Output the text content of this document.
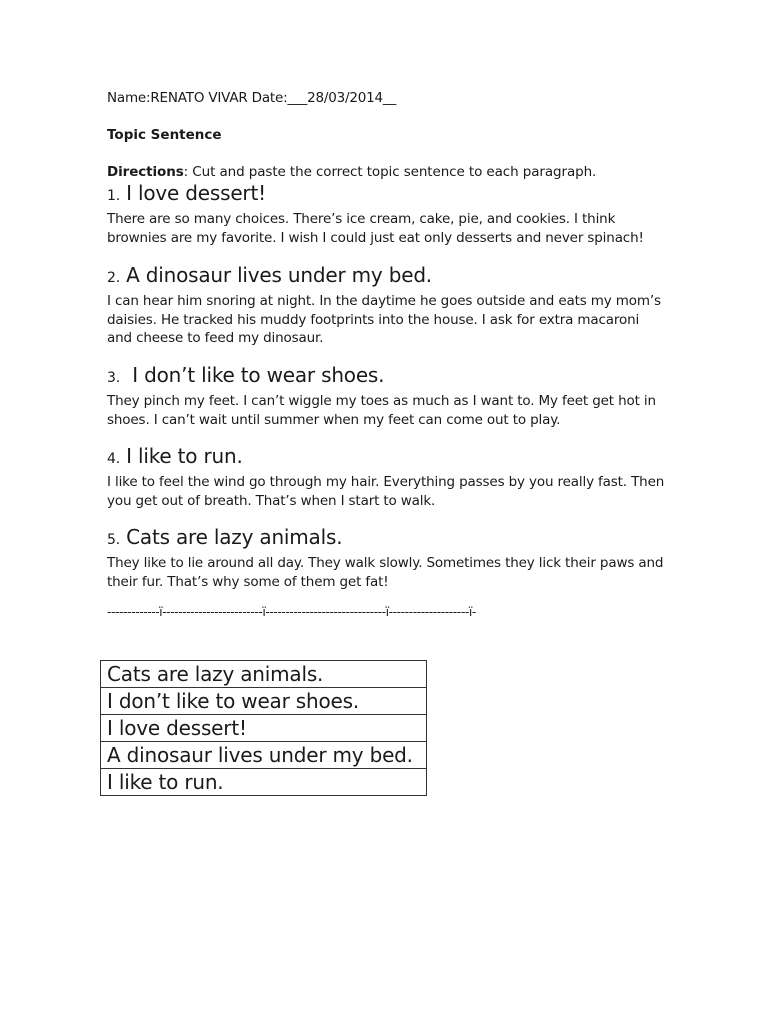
Name:RENATO VIVAR Date:___28/03/2014__
Topic Sentence
Directions: Cut and paste the correct topic sentence to each paragraph.
1. I love dessert!
There are so many choices. There’s ice cream, cake, pie, and cookies. I think brownies are my favorite. I wish I could just eat only desserts and never spinach!
2. A dinosaur lives under my bed.
I can hear him snoring at night. In the daytime he goes outside and eats my mom’s daisies. He tracked his muddy footprints into the house. I ask for extra macaroni and cheese to feed my dinosaur.
3. I don’t like to wear shoes.
They pinch my feet. I can’t wiggle my toes as much as I want to. My feet get hot in shoes. I can’t wait until summer when my feet can come out to play.
4. I like to run.
I like to feel the wind go through my hair. Everything passes by you really fast. Then you get out of breath. That’s when I start to walk.
5. Cats are lazy animals.
They like to lie around all day. They walk slowly. Sometimes they lick their paws and their fur. That’s why some of them get fat!
-------------ï-------------------------ï------------------------------ï--------------------ï-
Cats are lazy animals.
I don’t like to wear shoes.
I love dessert!
A dinosaur lives under my bed.
I like to run.
